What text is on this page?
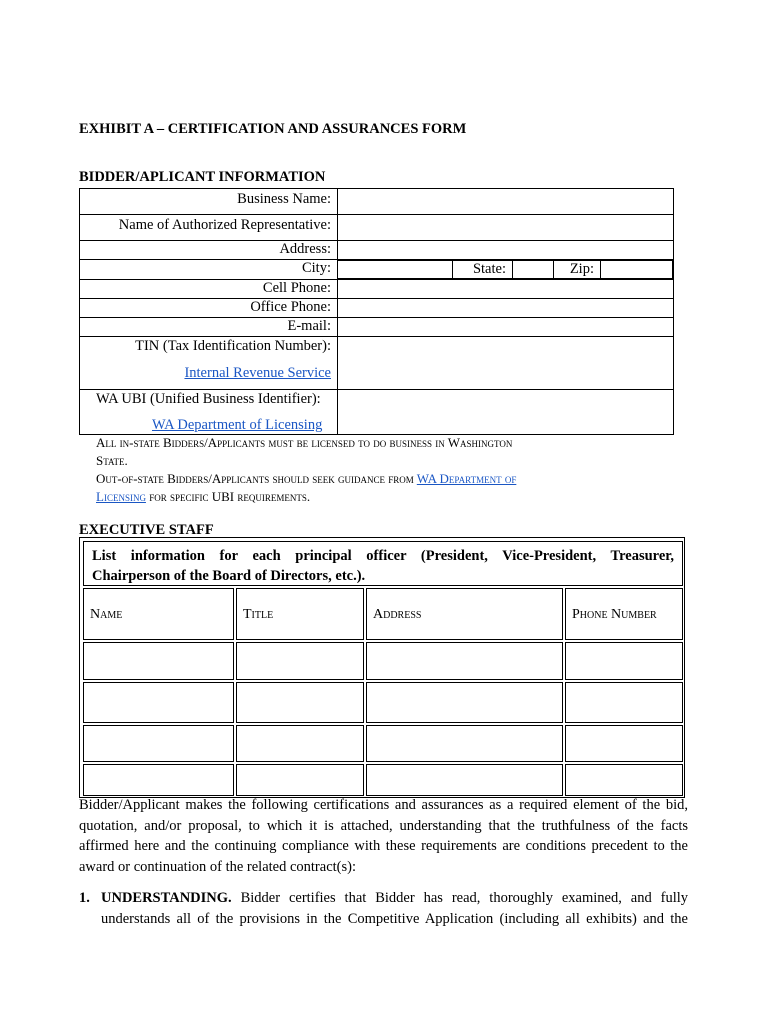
EXHIBIT A – CERTIFICATION AND ASSURANCES FORM
BIDDER/APLICANT INFORMATION
Business Name:	
Name of Authorized Representative:	
Address:	
City:	
		State:		Zip:	

Cell Phone:	
Office Phone:	
E-mail:	

TIN (Tax Identification Number):
Internal Revenue Service

WA UBI (Unified Business Identifier):
WA Department of Licensing

All in-state Bidders/Applicants must be licensed to do business in Washington
State.
Out-of-state Bidders/Applicants should seek guidance from WA Department of
Licensing for specific UBI requirements.
EXECUTIVE STAFF
List information for each principal officer (President, Vice-President, Treasurer,
Chairperson of the Board of Directors, etc.).
Name	Title	Address	Phone Number

Bidder/Applicant makes the following certifications and assurances as a required element of the bid,

quotation, and/or proposal, to which it is attached, understanding that the truthfulness of the facts

affirmed here and the continuing compliance with these requirements are conditions precedent to the

award or continuation of the related contract(s):

1. UNDERSTANDING. Bidder certifies that Bidder has read, thoroughly examined, and fully
understands all of the provisions in the Competitive Application (including all exhibits) and the
